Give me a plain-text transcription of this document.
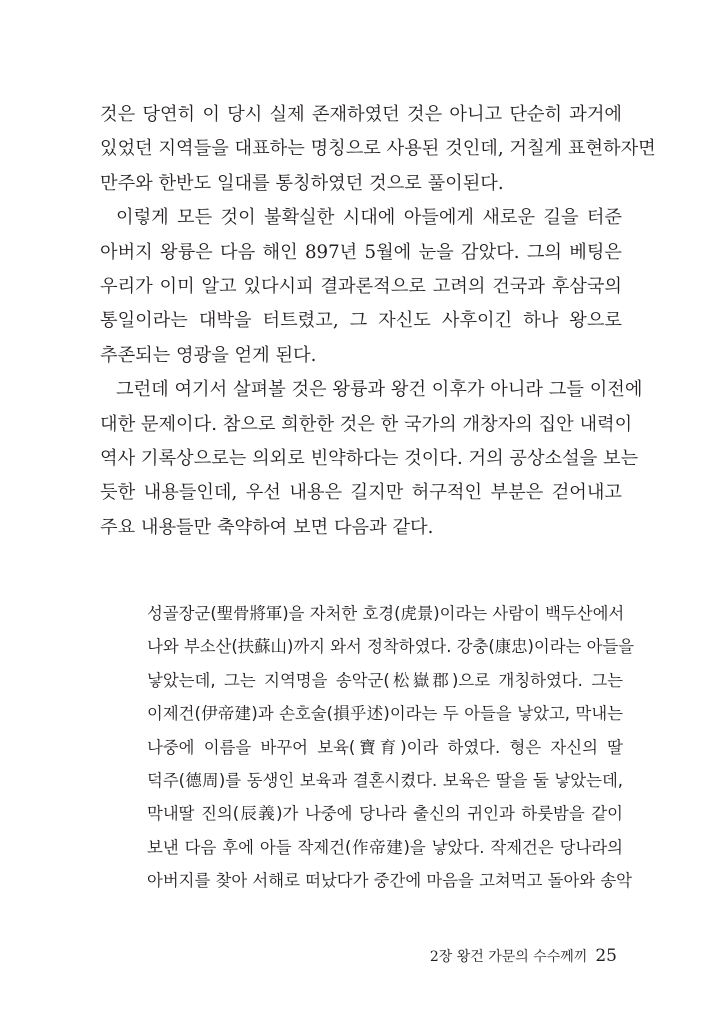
것은 당연히 이 당시 실제 존재하였던 것은 아니고 단순히 과거에
있었던 지역들을 대표하는 명칭으로 사용된 것인데, 거칠게 표현하자면
만주와 한반도 일대를 통칭하였던 것으로 풀이된다.

이렇게 모든 것이 불확실한 시대에 아들에게 새로운 길을 터준
아버지 왕륭은 다음 해인 897년 5월에 눈을 감았다. 그의 베팅은
우리가 이미 알고 있다시피 결과론적으로 고려의 건국과 후삼국의
통일이라는 대박을 터트렸고, 그 자신도 사후이긴 하나 왕으로
추존되는 영광을 얻게 된다.

그런데 여기서 살펴볼 것은 왕륭과 왕건 이후가 아니라 그들 이전에
대한 문제이다. 참으로 희한한 것은 한 국가의 개창자의 집안 내력이
역사 기록상으로는 의외로 빈약하다는 것이다. 거의 공상소설을 보는
듯한 내용들인데, 우선 내용은 길지만 허구적인 부분은 걷어내고
주요 내용들만 축약하여 보면 다음과 같다.

성골장군(聖骨將軍)을 자처한 호경(虎景)이라는 사람이 백두산에서
나와 부소산(扶蘇山)까지 와서 정착하였다. 강충(康忠)이라는 아들을
낳았는데, 그는 지역명을 송악군(松嶽郡)으로 개칭하였다. 그는
이제건(伊帝建)과 손호술(損乎述)이라는 두 아들을 낳았고, 막내는
나중에 이름을 바꾸어 보육(寶育)이라 하였다. 형은 자신의 딸
덕주(德周)를 동생인 보육과 결혼시켰다. 보육은 딸을 둘 낳았는데,
막내딸 진의(辰義)가 나중에 당나라 출신의 귀인과 하룻밤을 같이
보낸 다음 후에 아들 작제건(作帝建)을 낳았다. 작제건은 당나라의
아버지를 찾아 서해로 떠났다가 중간에 마음을 고쳐먹고 돌아와 송악
2장 왕건 가문의 수수께끼 25
